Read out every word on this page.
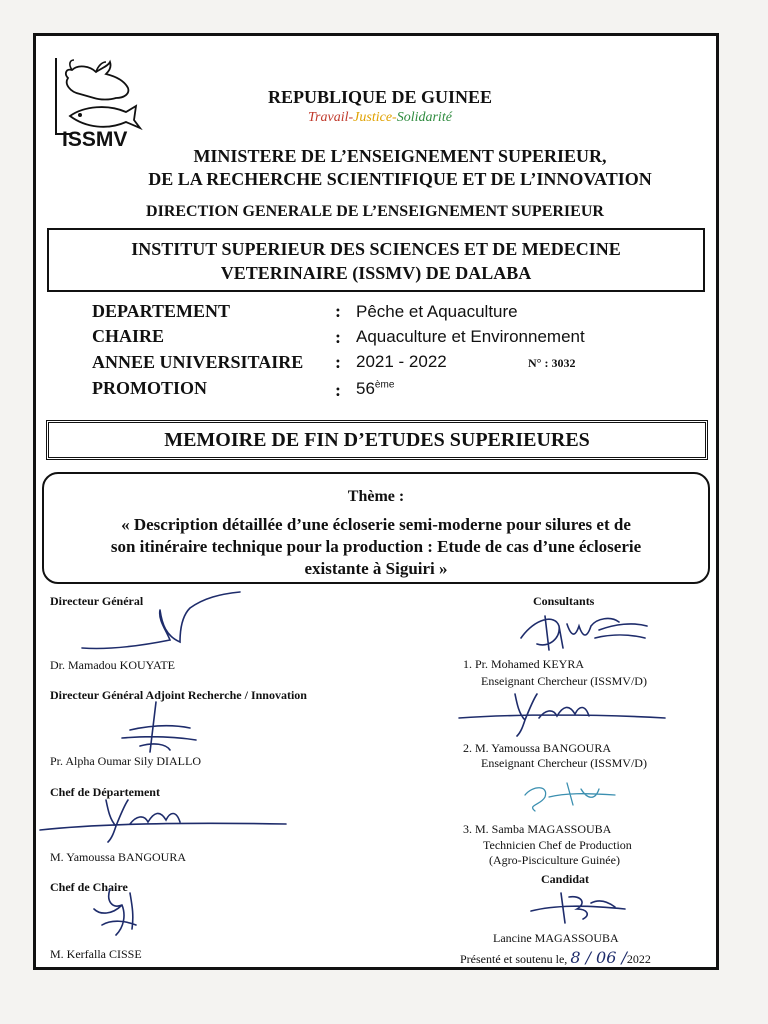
ISSMV
REPUBLIQUE DE GUINEE
Travail-Justice-Solidarité
MINISTERE DE L’ENSEIGNEMENT SUPERIEUR,
DE LA RECHERCHE SCIENTIFIQUE ET DE L’INNOVATION
DIRECTION GENERALE DE L’ENSEIGNEMENT SUPERIEUR
INSTITUT SUPERIEUR DES SCIENCES ET DE MEDECINE
VETERINAIRE (ISSMV) DE DALABA
DEPARTEMENT	: Pêche et Aquaculture
CHAIRE	: Aquaculture et Environnement
ANNEE UNIVERSITAIRE : 2021 - 2022	N° : 3032
PROMOTION	: 56ème
MEMOIRE DE FIN D’ETUDES SUPERIEURES
Thème :
« Description détaillée d’une écloserie semi-moderne pour silures et de
son itinéraire technique pour la production : Etude de cas d’une écloserie
existante à Siguiri »
Directeur Général
Dr. Mamadou KOUYATE
Directeur Général Adjoint Recherche / Innovation
Pr. Alpha Oumar Sily DIALLO
Chef de Département
M. Yamoussa BANGOURA
Chef de Chaire
M. Kerfalla CISSE
Consultants
1. Pr. Mohamed KEYRA
Enseignant Chercheur (ISSMV/D)
2. M. Yamoussa BANGOURA
Enseignant Chercheur (ISSMV/D)
3. M. Samba MAGASSOUBA
Technicien Chef de Production
(Agro-Pisciculture Guinée)
Candidat
Lancine MAGASSOUBA
Présenté et soutenu le, 8 / 06 /2022
